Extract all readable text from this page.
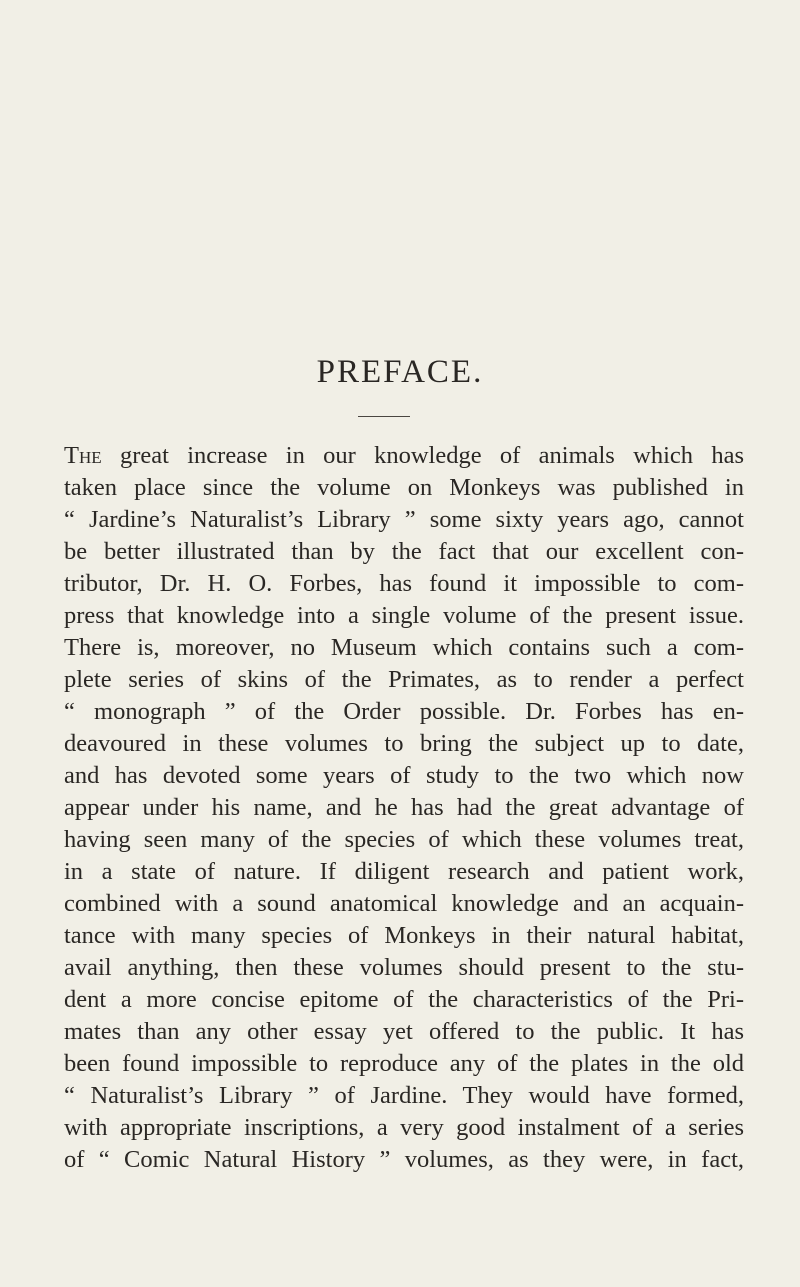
PREFACE.
The great increase in our knowledge of animals which has
taken place since the volume on Monkeys was published in
“ Jardine’s Naturalist’s Library ” some sixty years ago, cannot
be better illustrated than by the fact that our excellent con-
tributor, Dr. H. O. Forbes, has found it impossible to com-
press that knowledge into a single volume of the present issue.
There is, moreover, no Museum which contains such a com-
plete series of skins of the Primates, as to render a perfect
“ monograph ” of the Order possible. Dr. Forbes has en-
deavoured in these volumes to bring the subject up to date,
and has devoted some years of study to the two which now
appear under his name, and he has had the great advantage of
having seen many of the species of which these volumes treat,
in a state of nature. If diligent research and patient work,
combined with a sound anatomical knowledge and an acquain-
tance with many species of Monkeys in their natural habitat,
avail anything, then these volumes should present to the stu-
dent a more concise epitome of the characteristics of the Pri-
mates than any other essay yet offered to the public. It has
been found impossible to reproduce any of the plates in the old
“ Naturalist’s Library ” of Jardine. They would have formed,
with appropriate inscriptions, a very good instalment of a series
of “ Comic Natural History ” volumes, as they were, in fact,
